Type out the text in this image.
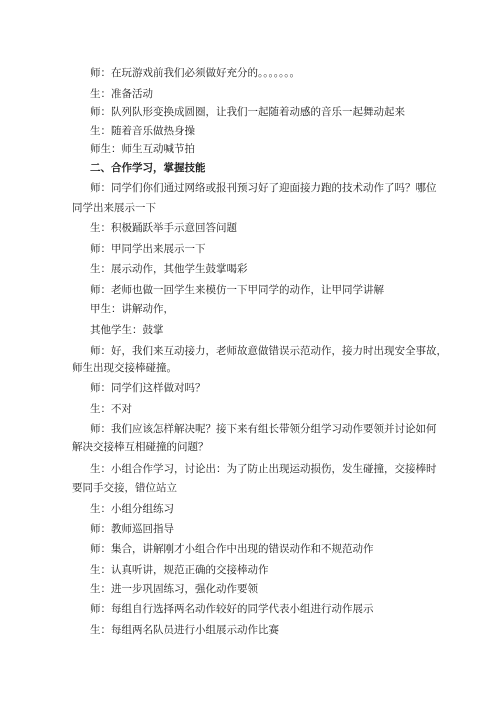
师：在玩游戏前我们必须做好充分的。。。。。。。
生：准备活动
师：队列队形变换成圆圈，让我们一起随着动感的音乐一起舞动起来
生：随着音乐做热身操
师生：师生互动喊节拍
二、合作学习，掌握技能
师：同学们你们通过网络或报刊预习好了迎面接力跑的技术动作了吗？哪位
同学出来展示一下
生：积极踊跃举手示意回答问题
师：甲同学出来展示一下
生：展示动作，其他学生鼓掌喝彩
师：老师也做一回学生来模仿一下甲同学的动作，让甲同学讲解
甲生：讲解动作，
其他学生：鼓掌
师：好，我们来互动接力，老师故意做错误示范动作，接力时出现安全事故，
师生出现交接棒碰撞。
师：同学们这样做对吗？
生：不对
师：我们应该怎样解决呢？接下来有组长带领分组学习动作要领并讨论如何
解决交接棒互相碰撞的问题？
生：小组合作学习，讨论出：为了防止出现运动损伤，发生碰撞，交接棒时
要同手交接，错位站立
生：小组分组练习
师：教师巡回指导
师：集合，讲解刚才小组合作中出现的错误动作和不规范动作
生：认真听讲，规范正确的交接棒动作
生：进一步巩固练习，强化动作要领
师：每组自行选择两名动作较好的同学代表小组进行动作展示
生：每组两名队员进行小组展示动作比赛
